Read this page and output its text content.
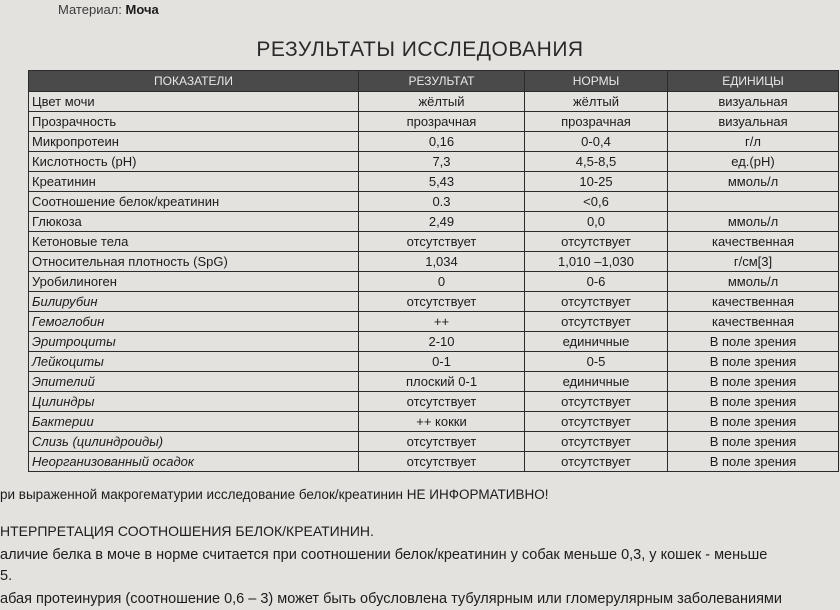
Материал: Моча
РЕЗУЛЬТАТЫ ИССЛЕДОВАНИЯ
ПОКАЗАТЕЛИ	РЕЗУЛЬТАТ	НОРМЫ	ЕДИНИЦЫ
Цвет мочи	жёлтый	жёлтый	визуальная
Прозрачность	прозрачная	прозрачная	визуальная
Микропротеин	0,16	0-0,4	г/л
Кислотность (pH)	7,3	4,5-8,5	ед.(pH)
Креатинин	5,43	10-25	ммоль/л
Соотношение белок/креатинин	0.3	<0,6	
Глюкоза	2,49	0,0	ммоль/л
Кетоновые тела	отсутствует	отсутствует	качественная
Относительная плотность (SpG)	1,034	1,010 –1,030	г/см[3]
Уробилиноген	0	0-6	ммоль/л
Билирубин	отсутствует	отсутствует	качественная
Гемоглобин	++	отсутствует	качественная
Эритроциты	2-10	единичные	В поле зрения
Лейкоциты	0-1	0-5	В поле зрения
Эпителий	плоский 0-1	единичные	В поле зрения
Цилиндры	отсутствует	отсутствует	В поле зрения
Бактерии	++ кокки	отсутствует	В поле зрения
Слизь (цилиндроиды)	отсутствует	отсутствует	В поле зрения
Неорганизованный осадок	отсутствует	отсутствует	В поле зрения
ри выраженной макрогематурии исследование белок/креатинин НЕ ИНФОРМАТИВНО!
НТЕРПРЕТАЦИЯ СООТНОШЕНИЯ БЕЛОК/КРЕАТИНИН.
аличие белка в моче в норме считается при соотношении белок/креатинин у собак меньше 0,3, у кошек - меньше
5.
абая протеинурия (соотношение 0,6 – 3) может быть обусловлена тубулярным или гломерулярным заболеваниями
